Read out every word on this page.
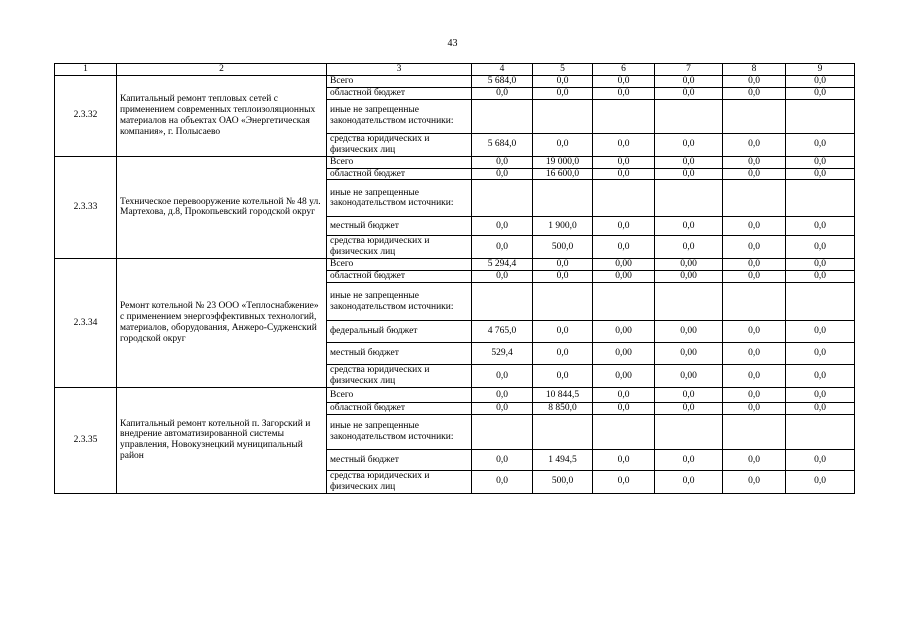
43
1	2	3	4	5	6	7	8	9
2.3.32	Капитальный ремонт тепловых сетей с применением современных теплоизоляционных материалов на объектах ОАО «Энергетическая компания», г. Полысаево	Всего	5 684,0	0,0	0,0	0,0	0,0	0,0
		областной бюджет	0,0	0,0	0,0	0,0	0,0	0,0
		иные не запрещенные законодательством источники:						
		средства юридических и физических лиц	5 684,0	0,0	0,0	0,0	0,0	0,0
2.3.33	Техническое перевооружение котельной № 48 ул. Мартехова, д.8, Прокопьевский городской округ	Всего	0,0	19 000,0	0,0	0,0	0,0	0,0
		областной бюджет	0,0	16 600,0	0,0	0,0	0,0	0,0
		иные не запрещенные законодательством источники:						
		местный бюджет	0,0	1 900,0	0,0	0,0	0,0	0,0
		средства юридических и физических лиц	0,0	500,0	0,0	0,0	0,0	0,0
2.3.34	Ремонт котельной № 23 ООО «Теплоснабжение» с применением энергоэффективных технологий, материалов, оборудования, Анжеро-Судженский городской округ	Всего	5 294,4	0,0	0,00	0,00	0,0	0,0
		областной бюджет	0,0	0,0	0,00	0,00	0,0	0,0
		иные не запрещенные законодательством источники:						
		федеральный бюджет	4 765,0	0,0	0,00	0,00	0,0	0,0
		местный бюджет	529,4	0,0	0,00	0,00	0,0	0,0
		средства юридических и физических лиц	0,0	0,0	0,00	0,00	0,0	0,0
2.3.35	Капитальный ремонт котельной п. Загорский и внедрение автоматизированной системы управления, Новокузнецкий муниципальный район	Всего	0,0	10 844,5	0,0	0,0	0,0	0,0
		областной бюджет	0,0	8 850,0	0,0	0,0	0,0	0,0
		иные не запрещенные законодательством источники:						
		местный бюджет	0,0	1 494,5	0,0	0,0	0,0	0,0
		средства юридических и физических лиц	0,0	500,0	0,0	0,0	0,0	0,0
